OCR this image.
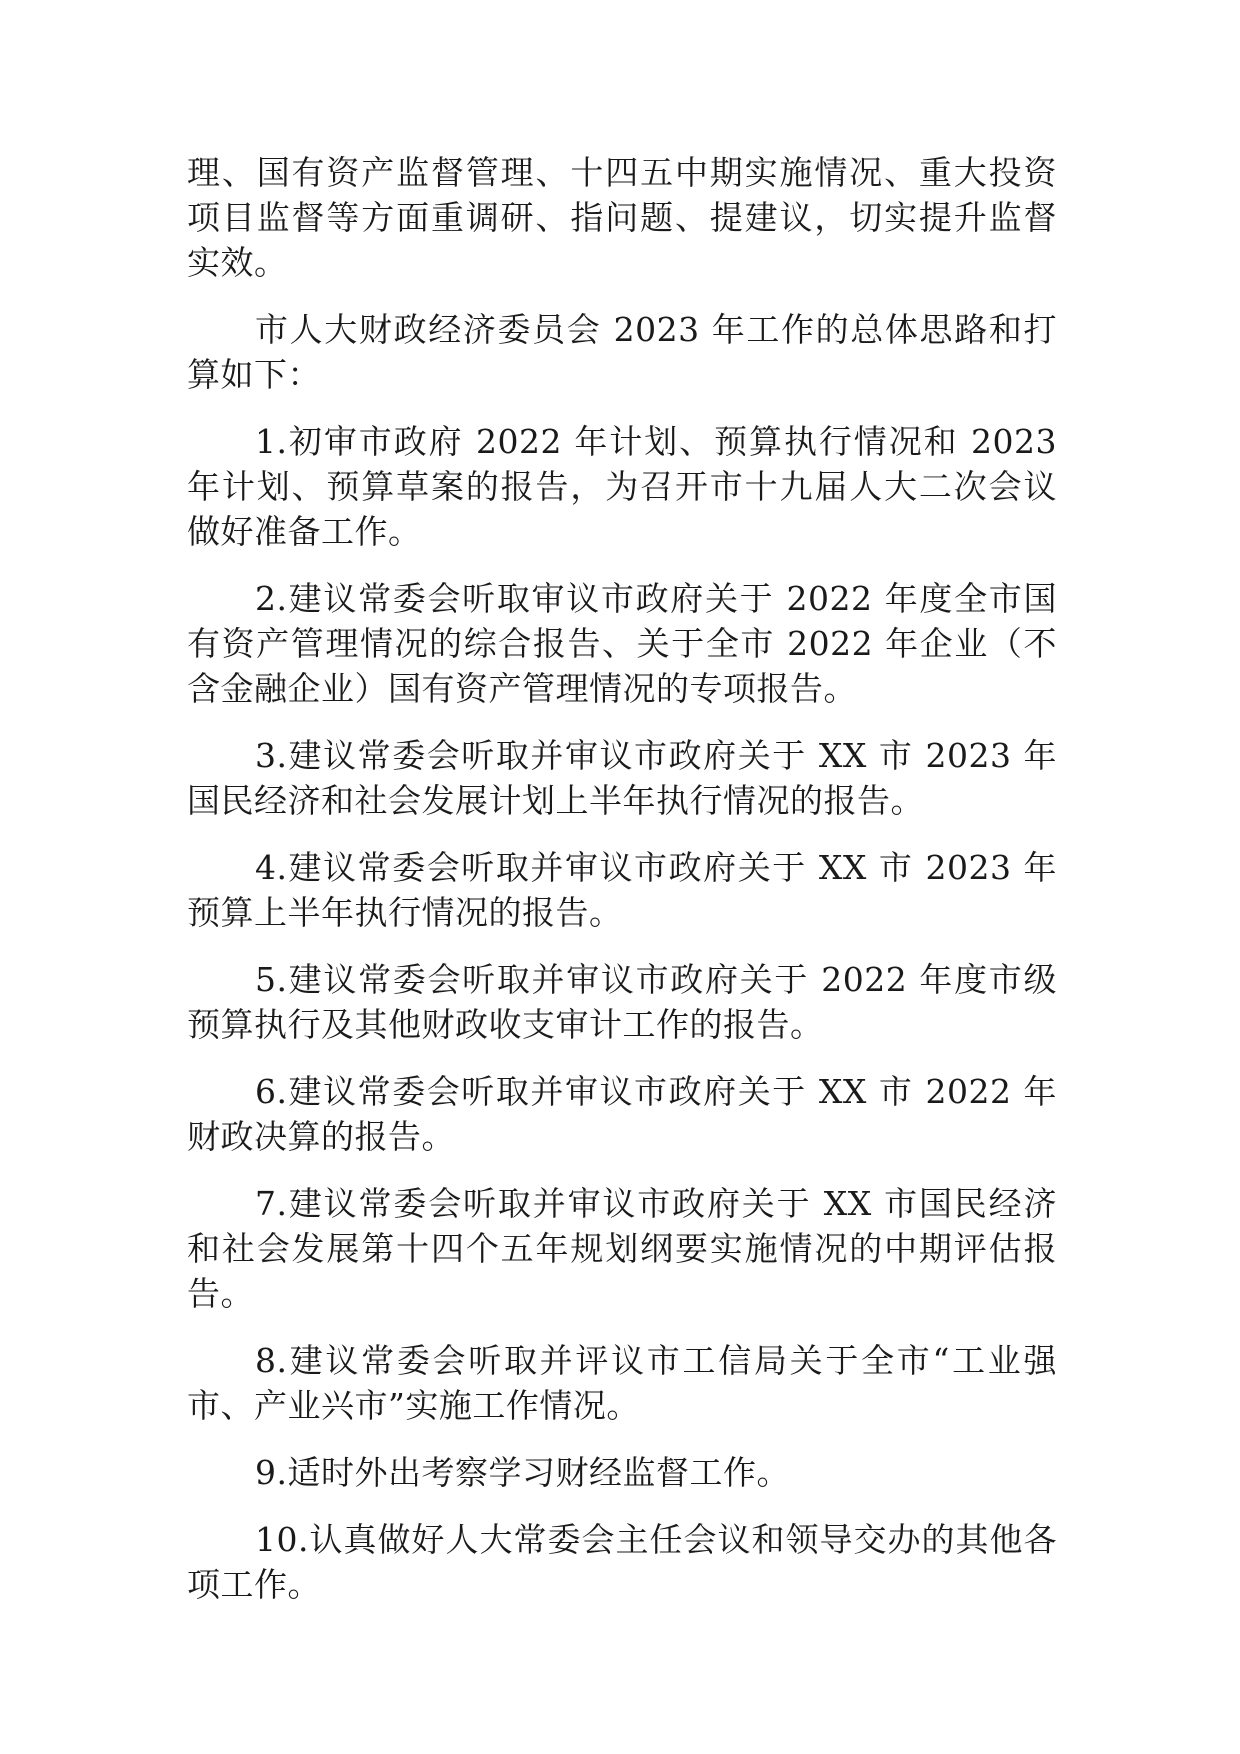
理、国有资产监督管理、十四五中期实施情况、重大投资项目监督等方面重调研、指问题、提建议，切实提升监督实效。

市人大财政经济委员会 2023 年工作的总体思路和打算如下：

1.初审市政府 2022 年计划、预算执行情况和 2023 年计划、预算草案的报告，为召开市十九届人大二次会议做好准备工作。

2.建议常委会听取审议市政府关于 2022 年度全市国有资产管理情况的综合报告、关于全市 2022 年企业（不含金融企业）国有资产管理情况的专项报告。

3.建议常委会听取并审议市政府关于 XX 市 2023 年国民经济和社会发展计划上半年执行情况的报告。

4.建议常委会听取并审议市政府关于 XX 市 2023 年预算上半年执行情况的报告。

5.建议常委会听取并审议市政府关于 2022 年度市级预算执行及其他财政收支审计工作的报告。

6.建议常委会听取并审议市政府关于 XX 市 2022 年财政决算的报告。

7.建议常委会听取并审议市政府关于 XX 市国民经济和社会发展第十四个五年规划纲要实施情况的中期评估报告。

8.建议常委会听取并评议市工信局关于全市“工业强市、产业兴市”实施工作情况。

9.适时外出考察学习财经监督工作。

10.认真做好人大常委会主任会议和领导交办的其他各项工作。
